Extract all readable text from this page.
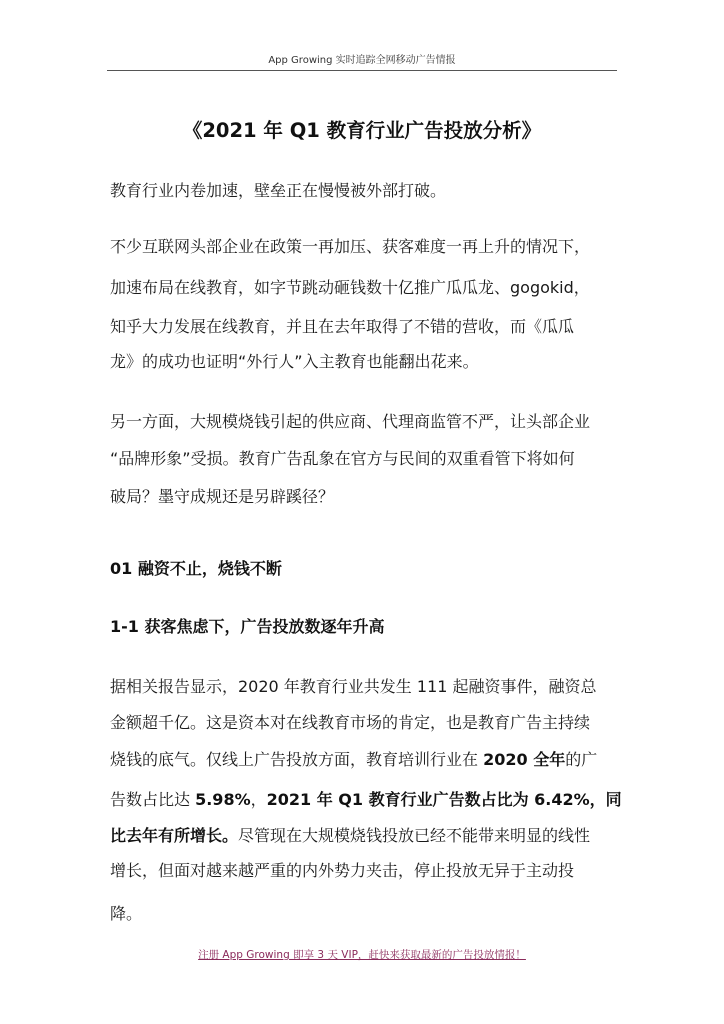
App Growing 实时追踪全网移动广告情报
《2021 年 Q1 教育行业广告投放分析》
教育行业内卷加速，壁垒正在慢慢被外部打破。
不少互联网头部企业在政策一再加压、获客难度一再上升的情况下，
加速布局在线教育，如字节跳动砸钱数十亿推广瓜瓜龙、gogokid，
知乎大力发展在线教育，并且在去年取得了不错的营收，而《瓜瓜
龙》的成功也证明“外行人”入主教育也能翻出花来。
另一方面，大规模烧钱引起的供应商、代理商监管不严，让头部企业
“品牌形象”受损。教育广告乱象在官方与民间的双重看管下将如何
破局？墨守成规还是另辟蹊径？
01 融资不止，烧钱不断
1-1 获客焦虑下，广告投放数逐年升高
据相关报告显示，2020 年教育行业共发生 111 起融资事件，融资总
金额超千亿。这是资本对在线教育市场的肯定，也是教育广告主持续
烧钱的底气。仅线上广告投放方面，教育培训行业在 2020 全年的广
告数占比达 5.98%，2021 年 Q1 教育行业广告数占比为 6.42%，同
比去年有所增长。尽管现在大规模烧钱投放已经不能带来明显的线性
增长，但面对越来越严重的内外势力夹击，停止投放无异于主动投
降。
注册 App Growing 即享 3 天 VIP，赶快来获取最新的广告投放情报！
